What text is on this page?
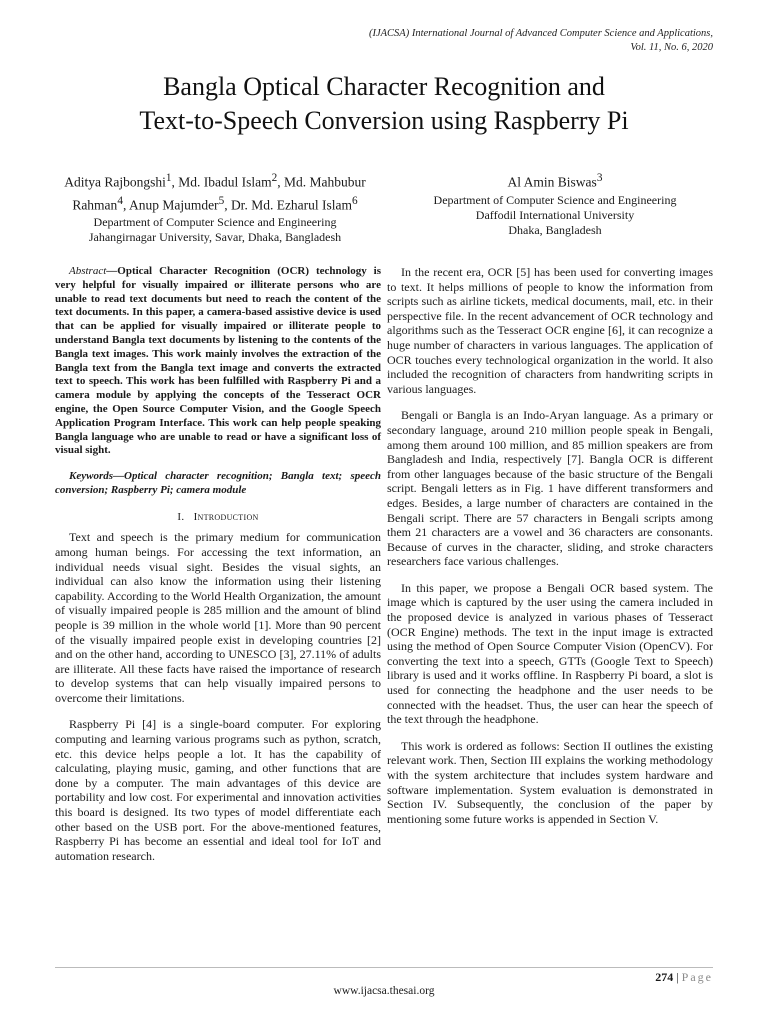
(IJACSA) International Journal of Advanced Computer Science and Applications,
Vol. 11, No. 6, 2020
Bangla Optical Character Recognition and
Text-to-Speech Conversion using Raspberry Pi
Aditya Rajbongshi$^1$, Md. Ibadul Islam$^2$, Md. Mahbubur
Rahman$^4$, Anup Majumder$^5$, Dr. Md. Ezharul Islam$^6$
Department of Computer Science and Engineering
Jahangirnagar University, Savar, Dhaka, Bangladesh
Al Amin Biswas$^3$
Department of Computer Science and Engineering
Daffodil International University
Dhaka, Bangladesh

Abstract—Optical Character Recognition (OCR) technology is very helpful for visually impaired or illiterate persons who are unable to read text documents but need to reach the content of the text documents. In this paper, a camera-based assistive device is used that can be applied for visually impaired or illiterate people to understand Bangla text documents by listening to the contents of the Bangla text images. This work mainly involves the extraction of the Bangla text from the Bangla text image and converts the extracted text to speech. This work has been fulfilled with Raspberry Pi and a camera module by applying the concepts of the Tesseract OCR engine, the Open Source Computer Vision, and the Google Speech Application Program Interface. This work can help people speaking Bangla language who are unable to read or have a significant loss of visual sight.

Keywords—Optical character recognition; Bangla text; speech conversion; Raspberry Pi; camera module

I. Introduction

Text and speech is the primary medium for communication among human beings. For accessing the text information, an individual needs visual sight. Besides the visual sights, an individual can also know the information using their listening capability. According to the World Health Organization, the amount of visually impaired people is 285 million and the amount of blind people is 39 million in the whole world [1]. More than 90 percent of the visually impaired people exist in developing countries [2] and on the other hand, according to UNESCO [3], 27.11% of adults are illiterate. All these facts have raised the importance of research to develop systems that can help visually impaired persons to overcome their limitations.

Raspberry Pi [4] is a single-board computer. For exploring computing and learning various programs such as python, scratch, etc. this device helps people a lot. It has the capability of calculating, playing music, gaming, and other functions that are done by a computer. The main advantages of this device are portability and low cost. For experimental and innovation activities this board is designed. Its two types of model differentiate each other based on the USB port. For the above-mentioned features, Raspberry Pi has become an essential and ideal tool for IoT and automation research.

In the recent era, OCR [5] has been used for converting images to text. It helps millions of people to know the information from scripts such as airline tickets, medical documents, mail, etc. in their perspective file. In the recent advancement of OCR technology and algorithms such as the Tesseract OCR engine [6], it can recognize a huge number of characters in various languages. The application of OCR touches every technological organization in the world. It also included the recognition of characters from handwriting scripts in various languages.

Bengali or Bangla is an Indo-Aryan language. As a primary or secondary language, around 210 million people speak in Bengali, among them around 100 million, and 85 million speakers are from Bangladesh and India, respectively [7]. Bangla OCR is different from other languages because of the basic structure of the Bengali script. Bengali letters as in Fig. 1 have different transformers and edges. Besides, a large number of characters are contained in the Bengali script. There are 57 characters in Bengali scripts among them 21 characters are a vowel and 36 characters are consonants. Because of curves in the character, sliding, and stroke characters researchers face various challenges.

In this paper, we propose a Bengali OCR based system. The image which is captured by the user using the camera included in the proposed device is analyzed in various phases of Tesseract (OCR Engine) methods. The text in the input image is extracted using the method of Open Source Computer Vision (OpenCV). For converting the text into a speech, GTTs (Google Text to Speech) library is used and it works offline. In Raspberry Pi board, a slot is used for connecting the headphone and the user needs to be connected with the headset. Thus, the user can hear the speech of the text through the headphone.

This work is ordered as follows: Section II outlines the existing relevant work. Then, Section III explains the working methodology with the system architecture that includes system hardware and software implementation. System evaluation is demonstrated in Section IV. Subsequently, the conclusion of the paper by mentioning some future works is appended in Section V.

274 | Page
www.ijacsa.thesai.org
